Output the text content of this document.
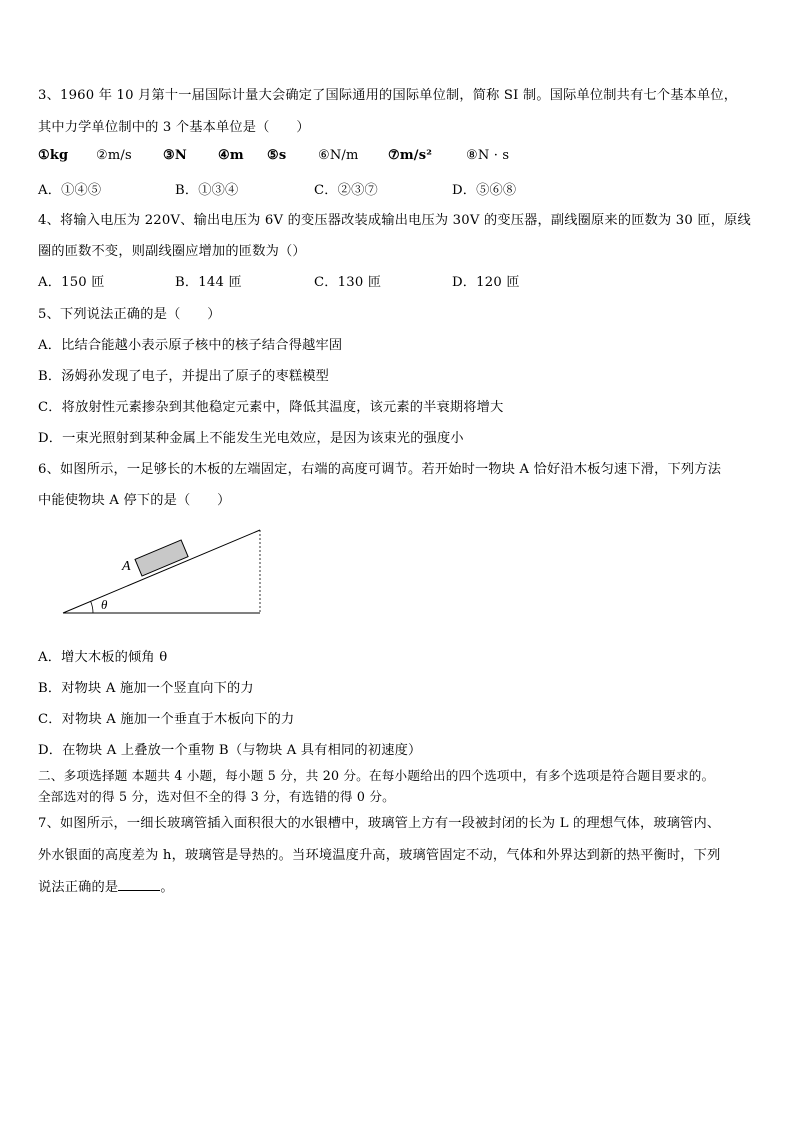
3、1960 年 10 月第十一届国际计量大会确定了国际通用的国际单位制，简称 SI 制。国际单位制共有七个基本单位，
其中力学单位制中的 3 个基本单位是（　　）
①kg ②m/s ③N ④m ⑤s ⑥N/m ⑦m/s²	⑧N · s
A．①④⑤	B．①③④	C．②③⑦	D．⑤⑥⑧
4、将输入电压为 220V、输出电压为 6V 的变压器改装成输出电压为 30V 的变压器，副线圈原来的匝数为 30 匝，原线
圈的匝数不变，则副线圈应增加的匝数为（）
A．150 匝	B．144 匝	C．130 匝	D．120 匝
5、下列说法正确的是（　　）
A．比结合能越小表示原子核中的核子结合得越牢固
B．汤姆孙发现了电子，并提出了原子的枣糕模型
C．将放射性元素掺杂到其他稳定元素中，降低其温度，该元素的半衰期将增大
D．一束光照射到某种金属上不能发生光电效应，是因为该束光的强度小
6、如图所示，一足够长的木板的左端固定，右端的高度可调节。若开始时一物块 A 恰好沿木板匀速下滑，下列方法
中能使物块 A 停下的是（　　）
A
θ
A．增大木板的倾角 θ
B．对物块 A 施加一个竖直向下的力
C．对物块 A 施加一个垂直于木板向下的力
D．在物块 A 上叠放一个重物 B（与物块 A 具有相同的初速度）
二、多项选择题 本题共 4 小题，每小题 5 分，共 20 分。在每小题给出的四个选项中，有多个选项是符合题目要求的。
全部选对的得 5 分，选对但不全的得 3 分，有选错的得 0 分。
7、如图所示，一细长玻璃管插入面积很大的水银槽中，玻璃管上方有一段被封闭的长为 L 的理想气体，玻璃管内、
外水银面的高度差为 h，玻璃管是导热的。当环境温度升高，玻璃管固定不动，气体和外界达到新的热平衡时，下列
说法正确的是	。
